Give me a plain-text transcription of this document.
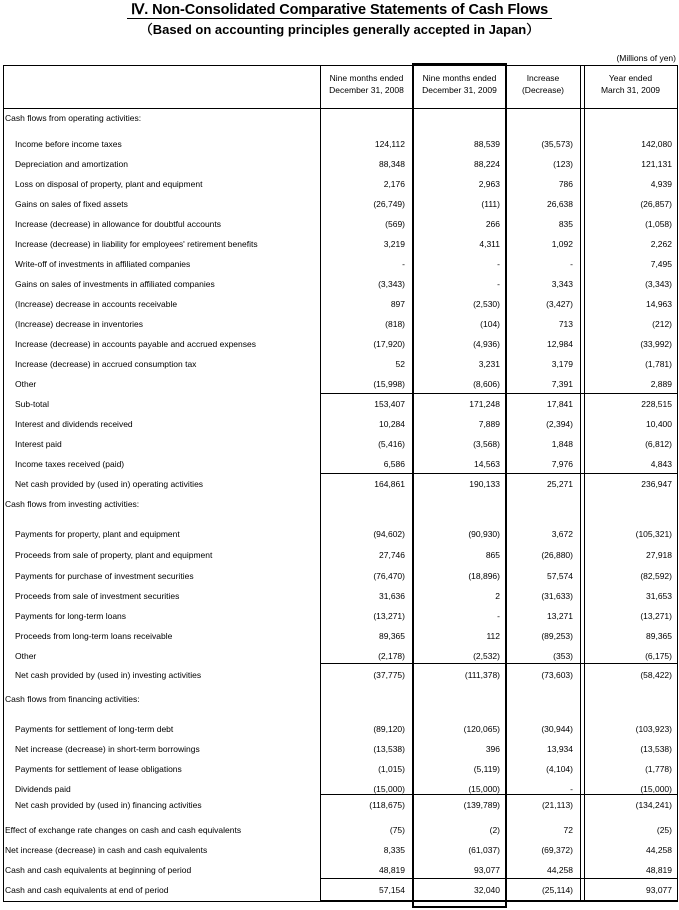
Ⅳ. Non-Consolidated Comparative Statements of Cash Flows
（Based on accounting principles generally accepted in Japan）
(Millions of yen)
Nine months ended
December 31, 2008
Nine months ended
December 31, 2009
Increase
(Decrease)
Year ended
March 31, 2009
Cash flows from operating activities:
Cash flows from investing activities:
Cash flows from financing activities:
Income before income taxes	124,112	88,539	(35,573)	142,080
Depreciation and amortization	88,348	88,224	(123)	121,131
Loss on disposal of property, plant and equipment	2,176	2,963	786	4,939
Gains on sales of fixed assets	(26,749)	(111)	26,638	(26,857)
Increase (decrease) in allowance for doubtful accounts	(569)	266	835	(1,058)
Increase (decrease) in liability for employees' retirement benefits	3,219	4,311	1,092	2,262
Write-off of investments in affiliated companies	-	-	-	7,495
Gains on sales of investments in affiliated companies	(3,343)	-	3,343	(3,343)
(Increase) decrease in accounts receivable	897	(2,530)	(3,427)	14,963
(Increase) decrease in inventories	(818)	(104)	713	(212)
Increase (decrease) in accounts payable and accrued expenses	(17,920)	(4,936)	12,984	(33,992)
Increase (decrease) in accrued consumption tax	52	3,231	3,179	(1,781)
Other	(15,998)	(8,606)	7,391	2,889
Sub-total	153,407	171,248	17,841	228,515
Interest and dividends received	10,284	7,889	(2,394)	10,400
Interest paid	(5,416)	(3,568)	1,848	(6,812)
Income taxes received (paid)	6,586	14,563	7,976	4,843
Net cash provided by (used in) operating activities	164,861	190,133	25,271	236,947
Payments for property, plant and equipment	(94,602)	(90,930)	3,672	(105,321)
Proceeds from sale of property, plant and equipment	27,746	865	(26,880)	27,918
Payments for purchase of investment securities	(76,470)	(18,896)	57,574	(82,592)
Proceeds from sale of investment securities	31,636	2	(31,633)	31,653
Payments for long-term loans	(13,271)	-	13,271	(13,271)
Proceeds from long-term loans receivable	89,365	112	(89,253)	89,365
Other	(2,178)	(2,532)	(353)	(6,175)
Net cash provided by (used in) investing activities	(37,775)	(111,378)	(73,603)	(58,422)
Payments for settlement of long-term debt	(89,120)	(120,065)	(30,944)	(103,923)
Net increase (decrease) in short-term borrowings	(13,538)	396	13,934	(13,538)
Payments for settlement of lease obligations	(1,015)	(5,119)	(4,104)	(1,778)
Dividends paid	(15,000)	(15,000)	-	(15,000)
Net cash provided by (used in) financing activities	(118,675)	(139,789)	(21,113)	(134,241)
Effect of exchange rate changes on cash and cash equivalents	(75)	(2)	72	(25)
Net increase (decrease) in cash and cash equivalents	8,335	(61,037)	(69,372)	44,258
Cash and cash equivalents at beginning of period	48,819	93,077	44,258	48,819
Cash and cash equivalents at end of period	57,154	32,040	(25,114)	93,077
